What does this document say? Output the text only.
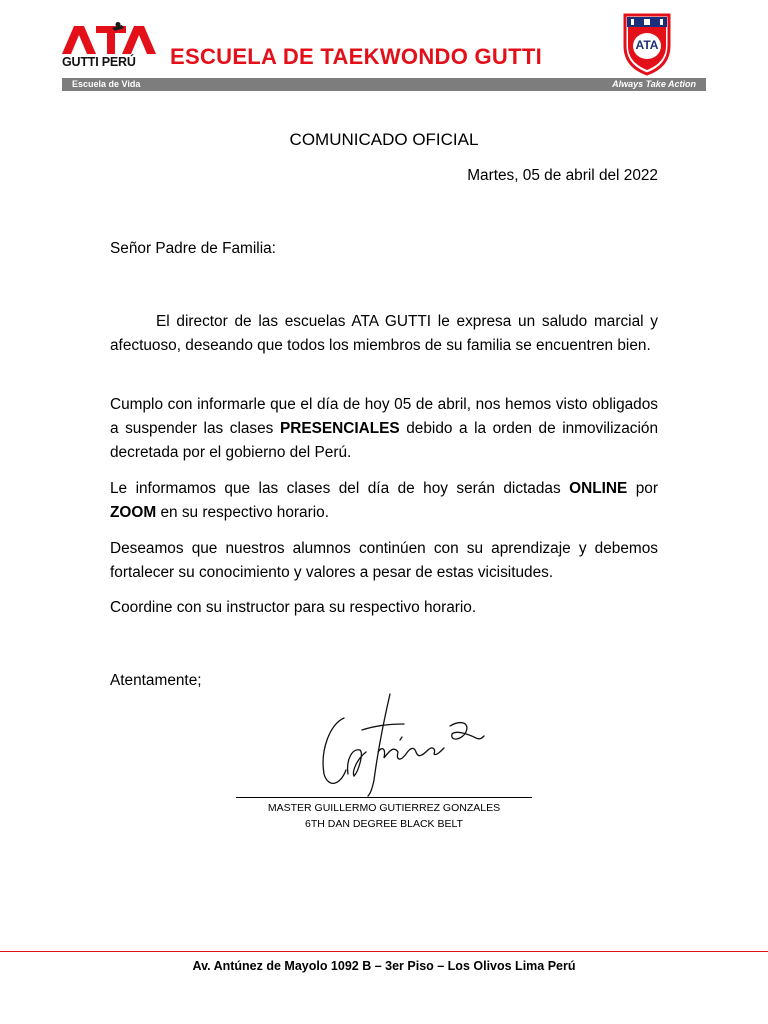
GUTTI PERÚ ESCUELA DE TAEKWONDO GUTTI
Escuela de Vida	Always Take Action
ATA
COMUNICADO OFICIAL
Martes, 05 de abril del 2022
Señor Padre de Familia:
El director de las escuelas ATA GUTTI le expresa un saludo marcial y afectuoso, deseando que todos los miembros de su familia se encuentren bien.
Cumplo con informarle que el día de hoy 05 de abril, nos hemos visto obligados a suspender las clases PRESENCIALES debido a la orden de inmovilización decretada por el gobierno del Perú.
Le informamos que las clases del día de hoy serán dictadas ONLINE por ZOOM en su respectivo horario.
Deseamos que nuestros alumnos continúen con su aprendizaje y debemos fortalecer su conocimiento y valores a pesar de estas vicisitudes.
Coordine con su instructor para su respectivo horario.
Atentamente;
MASTER GUILLERMO GUTIERREZ GONZALES
6TH DAN DEGREE BLACK BELT
Av. Antúnez de Mayolo 1092 B – 3er Piso – Los Olivos Lima Perú
